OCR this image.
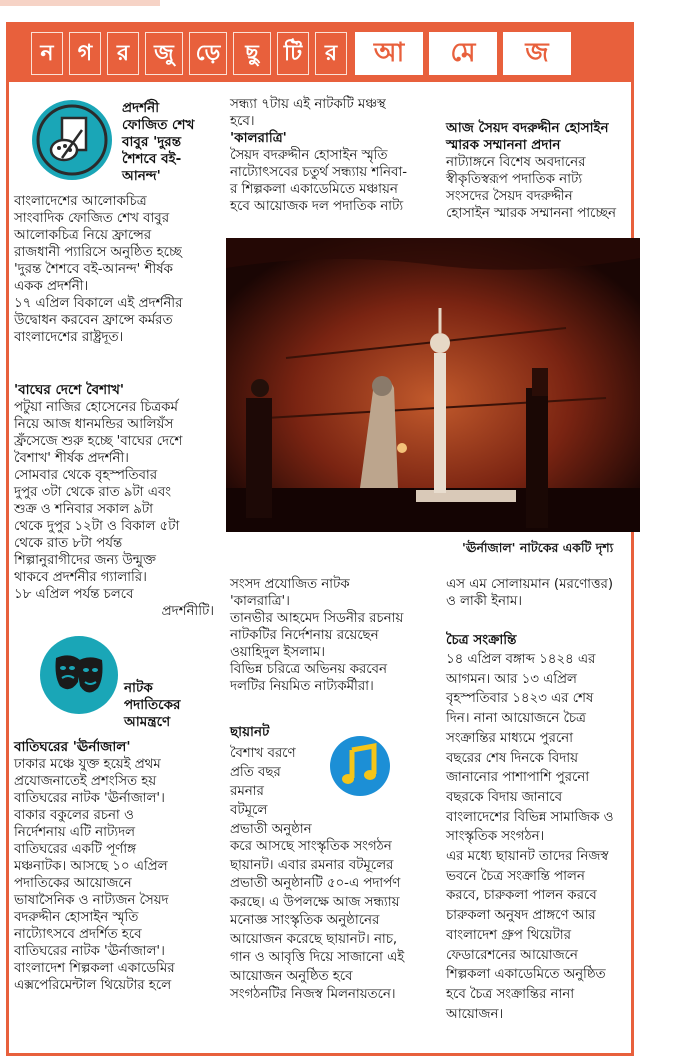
ন	গ	র	জু ড়ে	ছু	টি	র	আ	মে	জ

প্রদর্শনী
ফোজিত শেখ
বাবুর 'দুরন্ত
শৈশবে বই-
আনন্দ'

বাংলাদেশের আলোকচিত্র
সাংবাদিক ফোজিত শেখ বাবুর
আলোকচিত্র নিয়ে ফ্রান্সের
রাজধানী প্যারিসে অনুষ্ঠিত হচ্ছে
'দুরন্ত শৈশবে বই-আনন্দ' শীর্ষক
একক প্রদর্শনী।
১৭ এপ্রিল বিকালে এই প্রদর্শনীর
উদ্বোধন করবেন ফ্রান্সে কর্মরত
বাংলাদেশের রাষ্ট্রদূত।

'বাঘের দেশে বৈশাখ'

পটুয়া নাজির হোসেনের চিত্রকর্ম
নিয়ে আজ ধানমন্ডির আলিয়ঁস
ফ্রঁসেজে শুরু হচ্ছে 'বাঘের দেশে
বৈশাখ' শীর্ষক প্রদর্শনী।
সোমবার থেকে বৃহস্পতিবার
দুপুর ৩টা থেকে রাত ৯টা এবং
শুক্র ও শনিবার সকাল ৯টা
থেকে দুপুর ১২টা ও বিকাল ৫টা
থেকে রাত ৮টা পর্যন্ত
শিল্পানুরাগীদের জন্য উন্মুক্ত
থাকবে প্রদর্শনীর গ্যালারি।
১৮ এপ্রিল পর্যন্ত চলবে

প্রদর্শনীটি।

নাটক
পদাতিকের
আমন্ত্রণে

বাতিঘরের 'ঊর্নাজাল'

ঢাকার মঞ্চে যুক্ত হয়েই প্রথম
প্রযোজনাতেই প্রশংসিত হয়
বাতিঘরের নাটক 'ঊর্নাজাল'।
বাকার বকুলের রচনা ও
নির্দেশনায় এটি নাট্যদল
বাতিঘরের একটি পূর্ণাঙ্গ
মঞ্চনাটক। আসছে ১০ এপ্রিল
পদাতিকের আয়োজনে
ভাষাসৈনিক ও নাট্যজন সৈয়দ
বদরুদ্দীন হোসাইন স্মৃতি
নাট্যোৎসবে প্রদর্শিত হবে
বাতিঘরের নাটক 'ঊর্নাজাল'।
বাংলাদেশ শিল্পকলা একাডেমির
এক্সপেরিমেন্টাল থিয়েটার হলে

সন্ধ্যা ৭টায় এই নাটকটি মঞ্চস্থ
হবে।

'কালরাত্রি'

সৈয়দ বদরুদ্দীন হোসাইন স্মৃতি
নাট্যোৎসবের চতুর্থ সন্ধ্যায় শনিবা-
র শিল্পকলা একাডেমিতে মঞ্চায়ন
হবে আয়োজক দল পদাতিক নাট্য

আজ সৈয়দ বদরুদ্দীন হোসাইন
স্মারক সম্মাননা প্রদান

নাট্যাঙ্গনে বিশেষ অবদানের
স্বীকৃতিস্বরূপ পদাতিক নাট্য
সংসদের সৈয়দ বদরুদ্দীন
হোসাইন স্মারক সম্মাননা পাচ্ছেন

'ঊর্নাজাল' নাটকের একটি দৃশ্য

সংসদ প্রযোজিত নাটক
'কালরাত্রি'।
তানভীর আহমেদ সিডনীর রচনায়
নাটকটির নির্দেশনায় রয়েছেন
ওয়াহিদুল ইসলাম।
বিভিন্ন চরিত্রে অভিনয় করবেন
দলটির নিয়মিত নাট্যকর্মীরা।

ছায়ানট

বৈশাখ বরণে
প্রতি বছর
রমনার
বটমূলে
প্রভাতী অনুষ্ঠান

করে আসছে সাংস্কৃতিক সংগঠন
ছায়ানট। এবার রমনার বটমূলের
প্রভাতী অনুষ্ঠানটি ৫০-এ পদার্পণ
করছে। এ উপলক্ষে আজ সন্ধ্যায়
মনোজ্ঞ সাংস্কৃতিক অনুষ্ঠানের
আয়োজন করেছে ছায়ানট। নাচ,
গান ও আবৃত্তি দিয়ে সাজানো এই
আয়োজন অনুষ্ঠিত হবে
সংগঠনটির নিজস্ব মিলনায়তনে।

এস এম সোলায়মান (মরণোত্তর)
ও লাকী ইনাম।

চৈত্র সংক্রান্তি

১৪ এপ্রিল বঙ্গাব্দ ১৪২৪ এর
আগমন। আর ১৩ এপ্রিল
বৃহস্পতিবার ১৪২৩ এর শেষ
দিন। নানা আয়োজনে চৈত্র
সংক্রান্তির মাধ্যমে পুরনো
বছরের শেষ দিনকে বিদায়
জানানোর পাশাপাশি পুরনো
বছরকে বিদায় জানাবে
বাংলাদেশের বিভিন্ন সামাজিক ও
সাংস্কৃতিক সংগঠন।
এর মধ্যে ছায়ানট তাদের নিজস্ব
ভবনে চৈত্র সংক্রান্তি পালন
করবে, চারুকলা পালন করবে
চারুকলা অনুষদ প্রাঙ্গণে আর
বাংলাদেশ গ্রুপ থিয়েটার
ফেডারেশনের আয়োজনে
শিল্পকলা একাডেমিতে অনুষ্ঠিত
হবে চৈত্র সংক্রান্তির নানা
আয়োজন।
